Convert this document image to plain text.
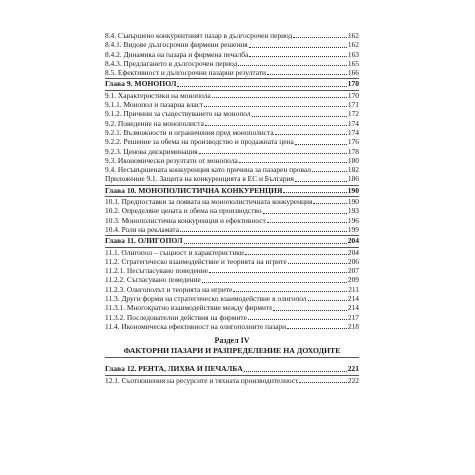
8.4. Съвършено конкурентният пазар в дългосрочен период	162
8.4.1. Видове дългосрочни фирмени решения	162
8.4.2. Динамика на пазара и фирмена печалба	163
8.4.3. Предлагането в дългосрочен период	165
8.5. Ефективност и дългосрочни пазарни резултати	166
Глава 9. МОНОПОЛ	170
9.1. Характеристики на монопола	170
9.1.1. Монопол и пазарна власт	171
9.1.2. Причини за съществуването на монопол	172
9.2. Поведение на монополиста	174
9.2.1. Възможности и ограничения пред монополиста	174
9.2.2. Решение за обема на производство и продажната цена	176
9.2.3. Ценова дискриминация	178
9.3. Икономически резултати от монопола	180
9.4. Несъвършената конкуренция като причина за пазарен провал	182
Приложение 9.1. Защита на конкуренцията в ЕС и България	186
Глава 10. МОНОПОЛИСТИЧНА КОНКУРЕНЦИЯ	190
10.1. Предпоставки за появата на монополистичната конкуренция	190
10.2. Определяне цената и обема на производство	193
10.3. Монополистична конкуренция и ефективност	196
10.4. Роля на рекламата	199
Глава 11. ОЛИГОПОЛ	204
11.1. Олигопол – същност и характеристики	204
11.2. Стратегическо взаимодействие и теорията на игрите	206
11.2.1. Несъгласувано поведение	207
11.2.2. Съгласувано поведение	209
11.2.3. Олигополът и теорията на игрите	211
11.3. Други форми на стратегическо взаимодействие в олигопол	214
11.3.1. Многократно взаимодействие между фирмите	214
11.3.2. Последователни действия на фирмите	217
11.4. Икономическа ефективност на олигополните пазари	218
Раздел IV
ФАКТОРНИ ПАЗАРИ И РАЗПРЕДЕЛЕНИЕ НА ДОХОДИТЕ
Глава 12. РЕНТА, ЛИХВА И ПЕЧАЛБА	221
12.1. Съотношения на ресурсите и тяхната производителност	222
